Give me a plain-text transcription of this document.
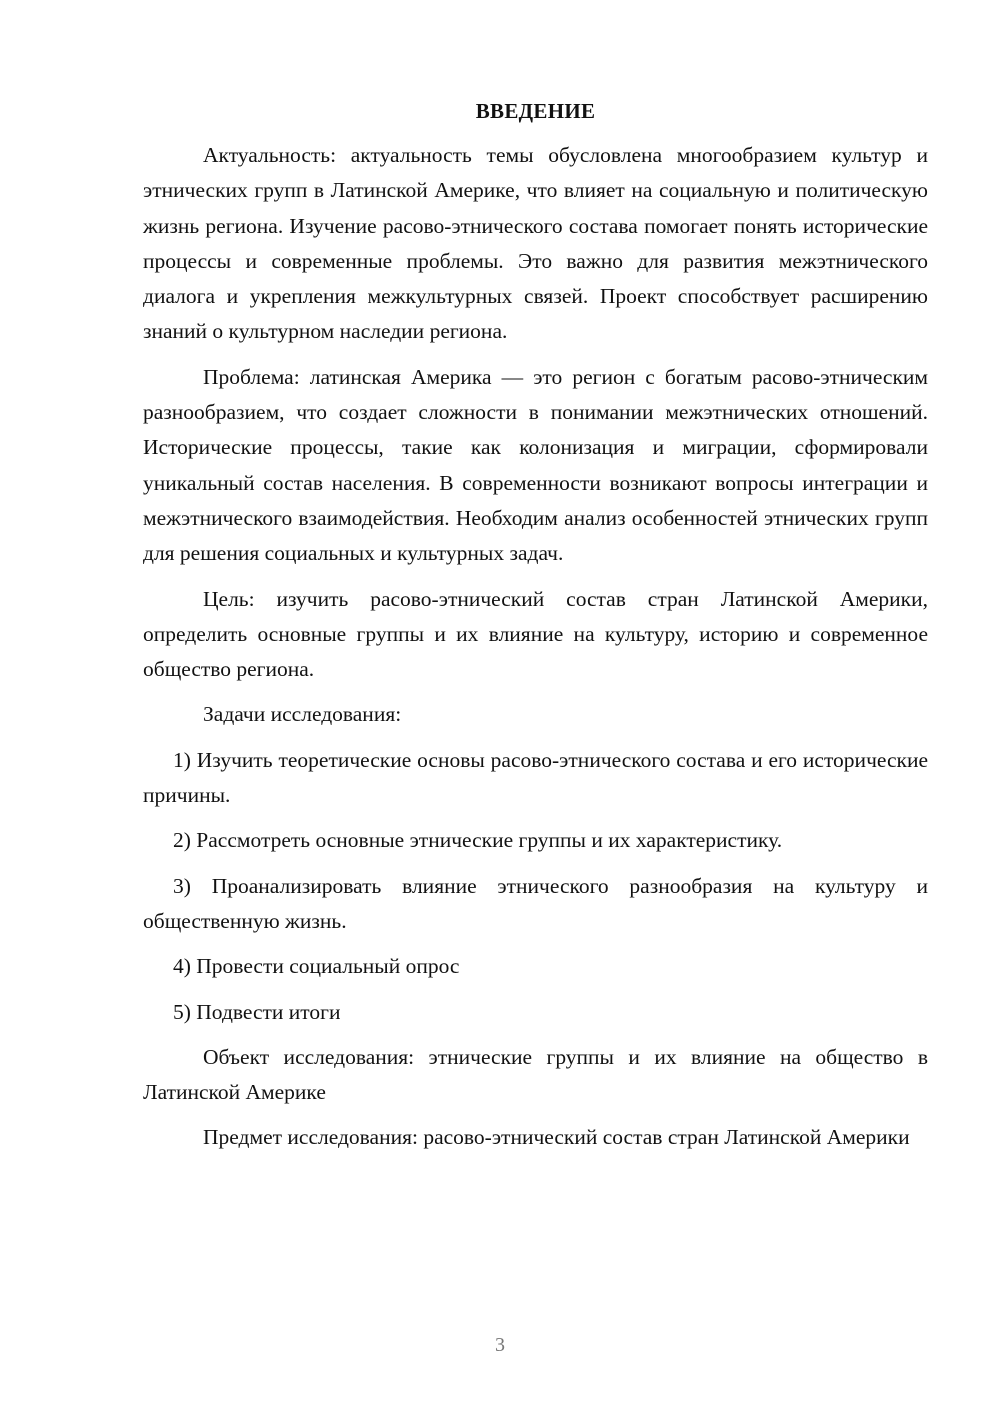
ВВЕДЕНИЕ

Актуальность: актуальность темы обусловлена многообразием культур и этнических групп в Латинской Америке, что влияет на социальную и политическую жизнь региона. Изучение расово-этнического состава помогает понять исторические процессы и современные проблемы. Это важно для развития межэтнического диалога и укрепления межкультурных связей. Проект способствует расширению знаний о культурном наследии региона.

Проблема: латинская Америка — это регион с богатым расово-этническим разнообразием, что создает сложности в понимании межэтнических отношений. Исторические процессы, такие как колонизация и миграции, сформировали уникальный состав населения. В современности возникают вопросы интеграции и межэтнического взаимодействия. Необходим анализ особенностей этнических групп для решения социальных и культурных задач.

Цель: изучить расово-этнический состав стран Латинской Америки, определить основные группы и их влияние на культуру, историю и современное общество региона.

Задачи исследования:

1) Изучить теоретические основы расово-этнического состава и его исторические причины.

2) Рассмотреть основные этнические группы и их характеристику.

3) Проанализировать влияние этнического разнообразия на культуру и общественную жизнь.

4) Провести социальный опрос

5) Подвести итоги

Объект исследования: этнические группы и их влияние на общество в Латинской Америке

Предмет исследования: расово-этнический состав стран Латинской Америки

3
